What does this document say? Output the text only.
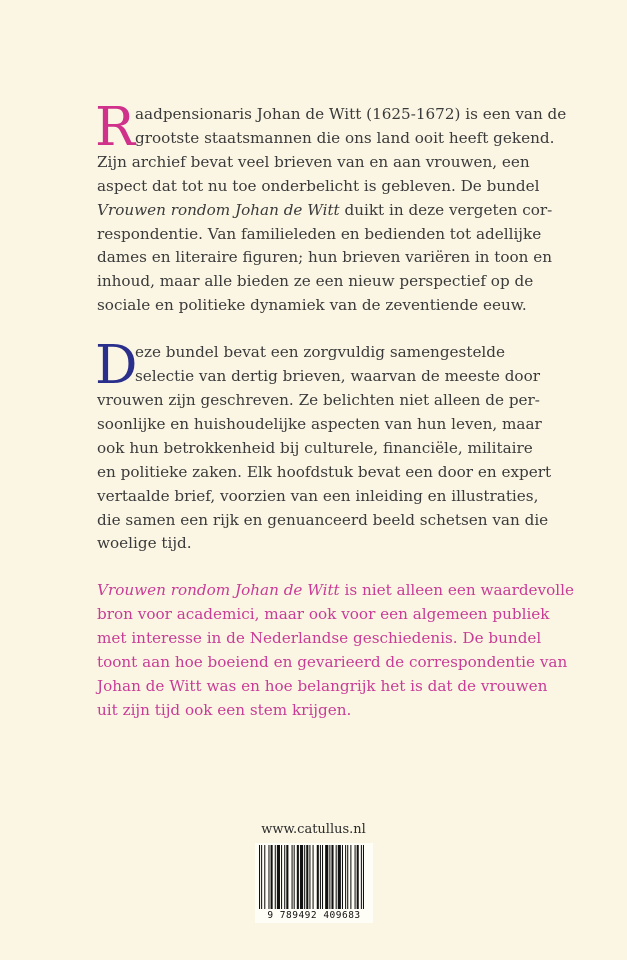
R aadpensionaris Johan de Witt (1625-1672) is een van de
grootste staatsmannen die ons land ooit heeft gekend.
Zijn archief bevat veel brieven van en aan vrouwen, een
aspect dat tot nu toe onderbelicht is gebleven. De bundel
Vrouwen rondom Johan de Witt duikt in deze vergeten cor-
respondentie. Van familieleden en bedienden tot adellijke
dames en literaire figuren; hun brieven variëren in toon en
inhoud, maar alle bieden ze een nieuw perspectief op de
sociale en politieke dynamiek van de zeventiende eeuw.

D
eze bundel bevat een zorgvuldig samengestelde
selectie van dertig brieven, waarvan de meeste door
vrouwen zijn geschreven. Ze belichten niet alleen de per-
soonlijke en huishoudelijke aspecten van hun leven, maar
ook hun betrokkenheid bij culturele, financiële, militaire
en politieke zaken. Elk hoofdstuk bevat een door en expert
vertaalde brief, voorzien van een inleiding en illustraties,
die samen een rijk en genuanceerd beeld schetsen van die
woelige tijd.

Vrouwen rondom Johan de Witt is niet alleen een waardevolle
bron voor academici, maar ook voor een algemeen publiek
met interesse in de Nederlandse geschiedenis. De bundel
toont aan hoe boeiend en gevarieerd de correspondentie van
Johan de Witt was en hoe belangrijk het is dat de vrouwen
uit zijn tijd ook een stem krijgen.

www.catullus.nl
9 789492 409683
